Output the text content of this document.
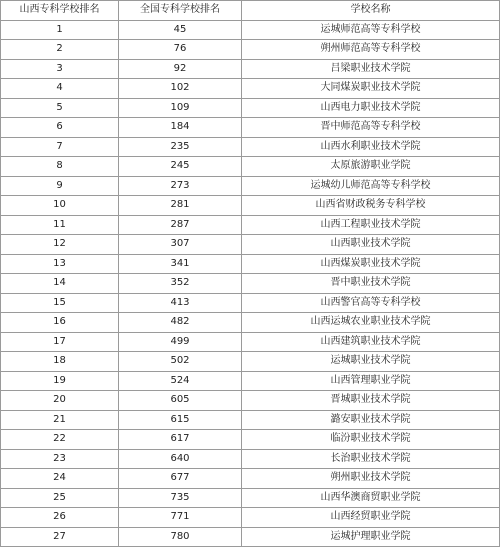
山西专科学校排名	全国专科学校排名	学校名称
1	45	运城师范高等专科学校
2	76	朔州师范高等专科学校
3	92	吕梁职业技术学院
4	102	大同煤炭职业技术学院
5	109	山西电力职业技术学院
6	184	晋中师范高等专科学校
7	235	山西水利职业技术学院
8	245	太原旅游职业学院
9	273	运城幼儿师范高等专科学校
10	281	山西省财政税务专科学校
11	287	山西工程职业技术学院
12	307	山西职业技术学院
13	341	山西煤炭职业技术学院
14	352	晋中职业技术学院
15	413	山西警官高等专科学校
16	482	山西运城农业职业技术学院
17	499	山西建筑职业技术学院
18	502	运城职业技术学院
19	524	山西管理职业学院
20	605	晋城职业技术学院
21	615	潞安职业技术学院
22	617	临汾职业技术学院
23	640	长治职业技术学院
24	677	朔州职业技术学院
25	735	山西华澳商贸职业学院
26	771	山西经贸职业学院
27	780	运城护理职业学院
